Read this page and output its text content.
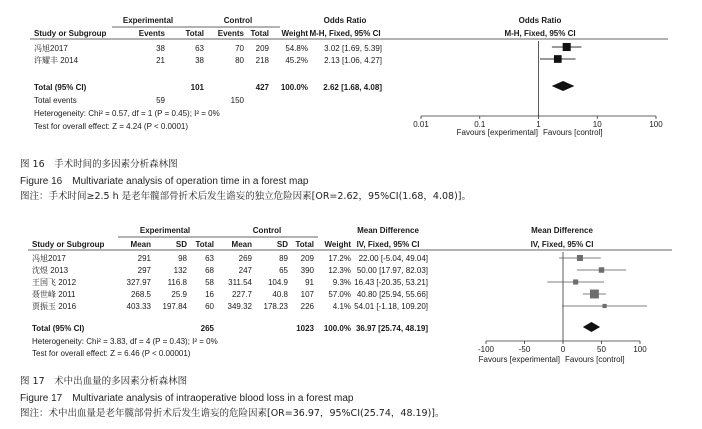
Experimental	Control
Study or Subgroup	Events	Total Events Total Weight
Odds Ratio
M-H, Fixed, 95% CI
Odds Ratio
M-H, Fixed, 95% CI
冯旭2017	38	63	70 209 54.8% 3.02 [1.69, 5.39]
许耀丰 2014	21	38	80 218 45.2% 2.13 [1.06, 4.27]
Total (95% CI)	101	427 100.0% 2.62 [1.68, 4.08]
Total events	59	150
Heterogeneity: Chi² = 0.57, df = 1 (P = 0.45); I² = 0%
Test for overall effect: Z = 4.24 (P < 0.0001)	0.01	0.1	1	10	100
Favours [experimental] Favours [control]
Experimental	Control
Study or Subgroup	Mean	SD Total Mean	SD Total Weight
Mean Difference
IV, Fixed, 95% CI
Mean Difference
IV, Fixed, 95% CI
冯旭2017	291	98 63	269	89 209 17.2% 22.00 [-5.04, 49.04]
沈煜 2013	297	132 68	247	65 390 12.3% 50.00 [17.97, 82.03]
王国飞 2012	327.97 116.8 58 311.54 104.9 91 9.3% 16.43 [-20.35, 53.21]
聂世峰 2011	268.5	25.9 16 227.7	40.8 107 57.0% 40.80 [25.94, 55.66]
贾振玉 2016	403.33 197.84 60 349.32 178.23 226 4.1% 54.01 [-1.18, 109.20]
Total (95% CI)	265	1023 100.0% 36.97 [25.74, 48.19]
Heterogeneity: Chi² = 3.83, df = 4 (P = 0.43); I² = 0%
Test for overall effect: Z = 6.46 (P < 0.00001)	-100	-50	0	50	100
Favours [experimental] Favours [control]
图 16　手术时间的多因素分析森林图
Figure 16　Multivariate analysis of operation time in a forest map
图注：手术时间≥2.5 h 是老年髋部骨折术后发生谵妄的独立危险因素[OR=2.62，95%CI(1.68，4.08)]。
图 17　术中出血量的多因素分析森林图
Figure 17　Multivariate analysis of intraoperative blood loss in a forest map
图注：术中出血量是老年髋部骨折术后发生谵妄的危险因素[OR=36.97，95%CI(25.74，48.19)]。
